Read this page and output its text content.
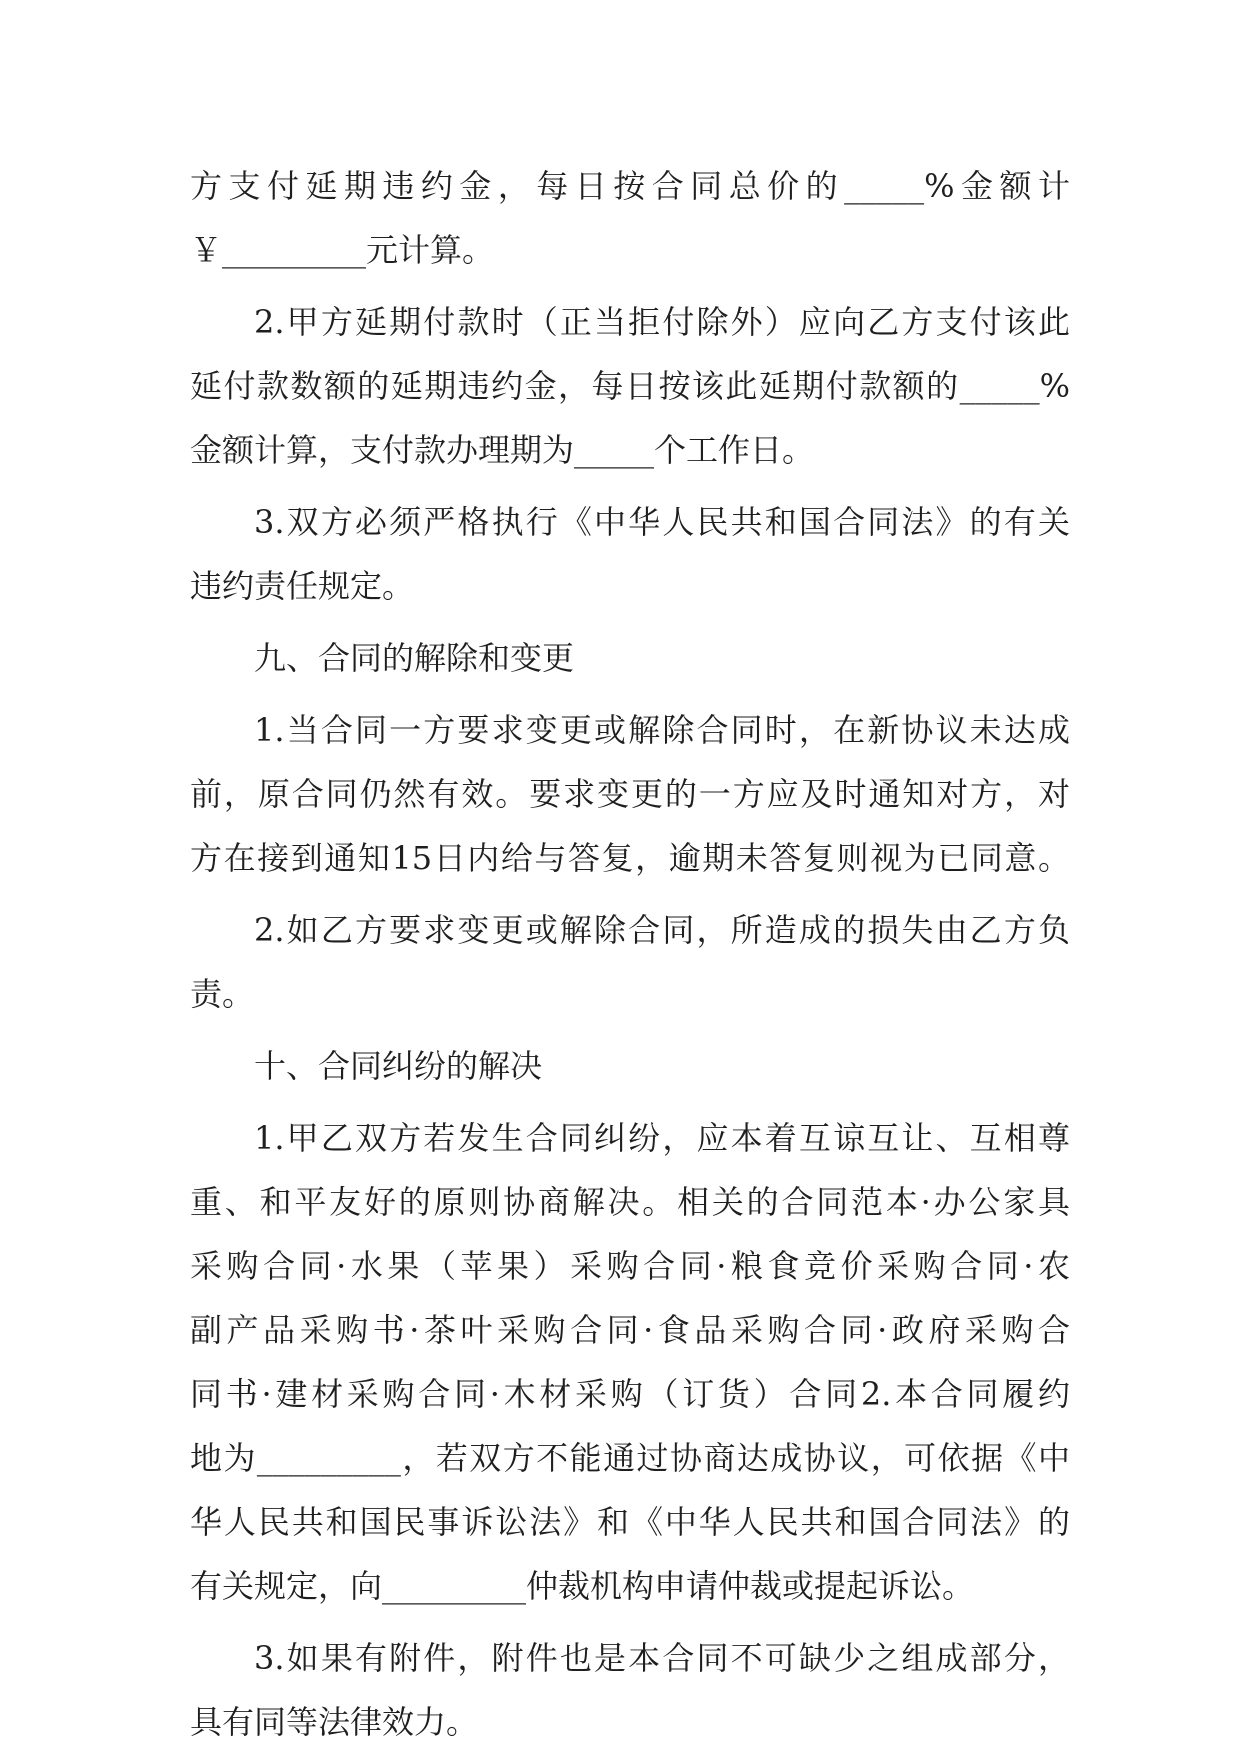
方支付延期违约金，每日按合同总价的_____%金额计
￥_________元计算。
2.甲方延期付款时（正当拒付除外）应向乙方支付该此
延付款数额的延期违约金，每日按该此延期付款额的_____%
金额计算，支付款办理期为_____个工作日。
3.双方必须严格执行《中华人民共和国合同法》的有关
违约责任规定。
九、合同的解除和变更
1.当合同一方要求变更或解除合同时，在新协议未达成
前，原合同仍然有效。要求变更的一方应及时通知对方，对
方在接到通知15日内给与答复，逾期未答复则视为已同意。
2.如乙方要求变更或解除合同，所造成的损失由乙方负
责。
十、合同纠纷的解决
1.甲乙双方若发生合同纠纷，应本着互谅互让、互相尊
重、和平友好的原则协商解决。相关的合同范本·办公家具
采购合同·水果（苹果）采购合同·粮食竞价采购合同·农
副产品采购书·茶叶采购合同·食品采购合同·政府采购合
同书·建材采购合同·木材采购（订货）合同2.本合同履约
地为_________，若双方不能通过协商达成协议，可依据《中
华人民共和国民事诉讼法》和《中华人民共和国合同法》的
有关规定，向_________仲裁机构申请仲裁或提起诉讼。
3.如果有附件，附件也是本合同不可缺少之组成部分，
具有同等法律效力。
